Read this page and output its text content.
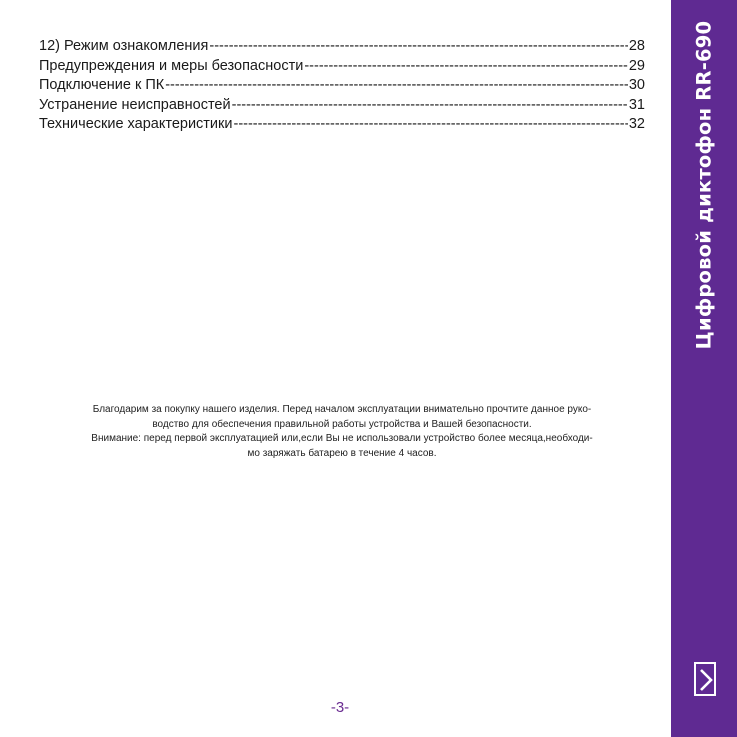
12) Режим ознакомления -----	28
Предупреждения и меры безопасности -----	29
Подключение к ПК -----	30
Устранение неисправностей -----	31
Технические характеристики -----	32

Благодарим за покупку нашего изделия. Перед началом эксплуатации внимательно прочтите данное руко-

водство для обеспечения правильной работы устройства и Вашей безопасности.

Внимание: перед первой эксплуатацией или,если Вы не использовали устройство более месяца,необходи-

мо заряжать батарею в течение 4 часов.

-3-
Цифровой диктофон RR-690
